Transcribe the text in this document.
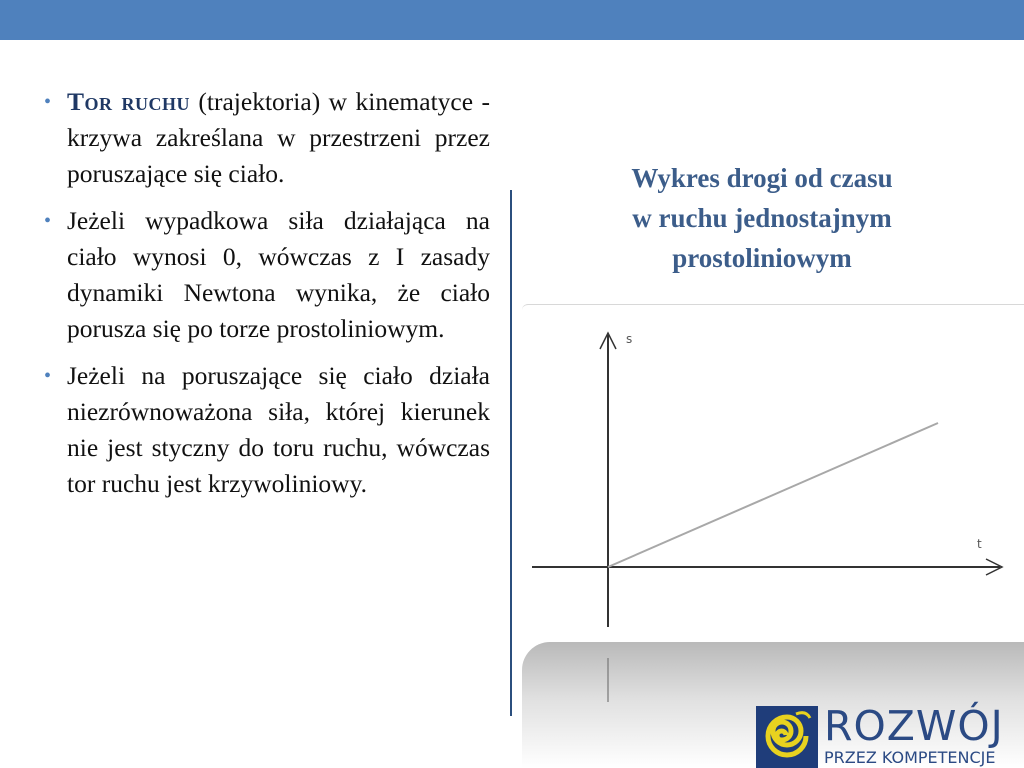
• Tor ruchu (trajektoria) w kinematyce - krzywa zakreślana w przestrzeni przez poruszające się ciało.
• Jeżeli wypadkowa siła działająca na ciało wynosi 0, wówczas z I zasady dynamiki Newtona wynika, że ciało porusza się po torze prostoliniowym.
• Jeżeli na poruszające się ciało działa niezrównoważona siła, której kierunek nie jest styczny do toru ruchu, wówczas tor ruchu jest krzywoliniowy.

Wykres drogi od czasu
w ruchu jednostajnym
prostoliniowym

s
t
ROZWÓJ
PRZEZ KOMPETENCJE
